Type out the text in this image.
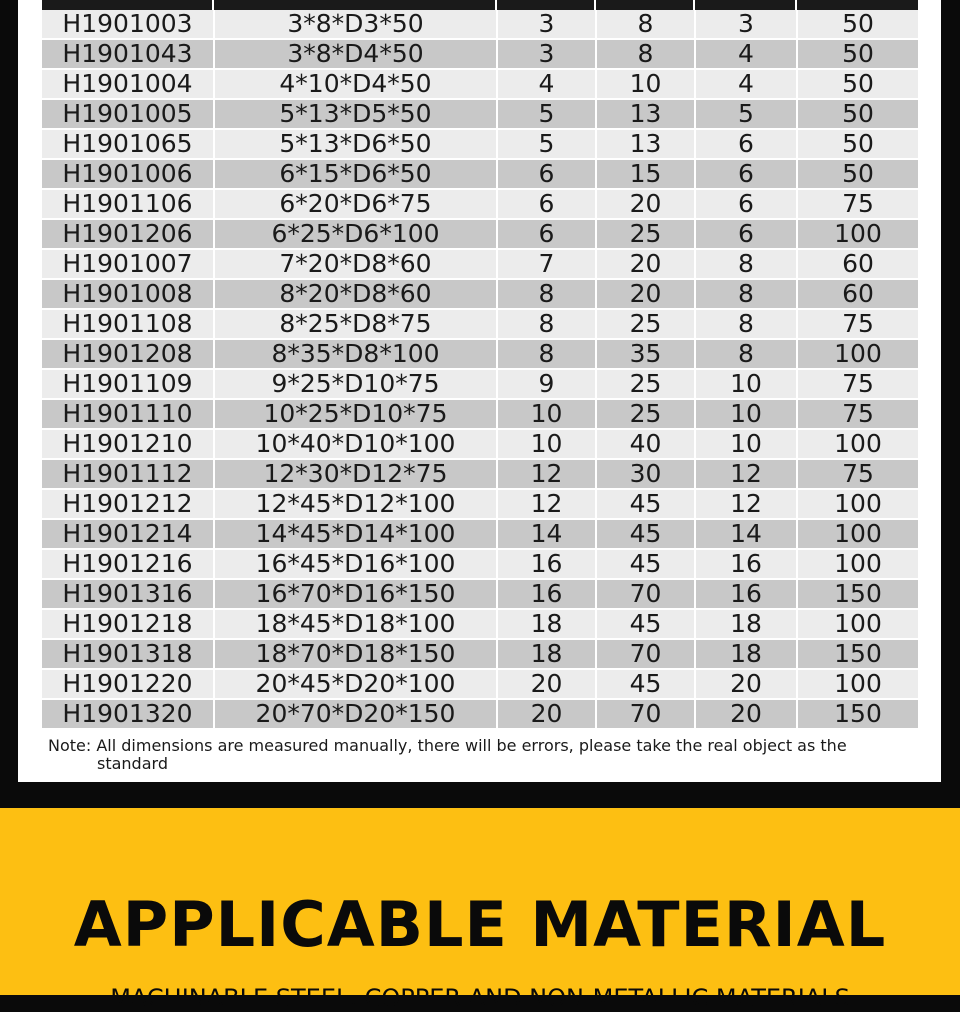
H1901003	3*8*D3*50	3	8	3	50
H1901043	3*8*D4*50	3	8	4	50
H1901004	4*10*D4*50	4	10	4	50
H1901005	5*13*D5*50	5	13	5	50
H1901065	5*13*D6*50	5	13	6	50
H1901006	6*15*D6*50	6	15	6	50
H1901106	6*20*D6*75	6	20	6	75
H1901206	6*25*D6*100	6	25	6	100
H1901007	7*20*D8*60	7	20	8	60
H1901008	8*20*D8*60	8	20	8	60
H1901108	8*25*D8*75	8	25	8	75
H1901208	8*35*D8*100	8	35	8	100
H1901109	9*25*D10*75	9	25	10	75
H1901110	10*25*D10*75	10	25	10	75
H1901210	10*40*D10*100	10	40	10	100
H1901112	12*30*D12*75	12	30	12	75
H1901212	12*45*D12*100	12	45	12	100
H1901214	14*45*D14*100	14	45	14	100
H1901216	16*45*D16*100	16	45	16	100
H1901316	16*70*D16*150	16	70	16	150
H1901218	18*45*D18*100	18	45	18	100
H1901318	18*70*D18*150	18	70	18	150
H1901220	20*45*D20*100	20	45	20	100
H1901320	20*70*D20*150	20	70	20	150
Note: All dimensions are measured manually, there will be errors, please take the real object as the
standard
APPLICABLE MATERIAL
MACHINABLE STEEL, COPPER AND NON-METALLIC MATERIALS
